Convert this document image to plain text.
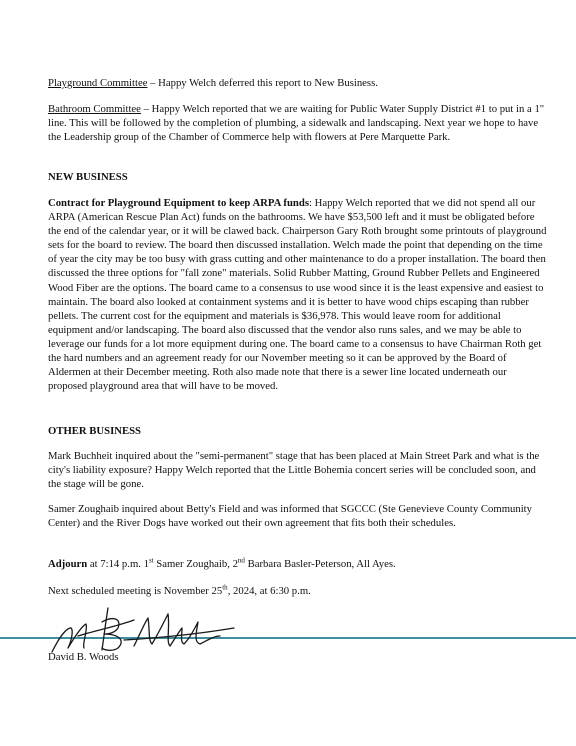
Playground Committee – Happy Welch deferred this report to New Business.

Bathroom Committee – Happy Welch reported that we are waiting for Public Water Supply District #1 to put in a 1" line. This will be followed by the completion of plumbing, a sidewalk and landscaping. Next year we hope to have the Leadership group of the Chamber of Commerce help with flowers at Pere Marquette Park.

NEW BUSINESS

Contract for Playground Equipment to keep ARPA funds: Happy Welch reported that we did not spend all our ARPA (American Rescue Plan Act) funds on the bathrooms. We have $53,500 left and it must be obligated before the end of the calendar year, or it will be clawed back. Chairperson Gary Roth brought some printouts of playground sets for the board to review. The board then discussed installation. Welch made the point that depending on the time of year the city may be too busy with grass cutting and other maintenance to do a proper installation. The board then discussed the three options for "fall zone" materials. Solid Rubber Matting, Ground Rubber Pellets and Engineered Wood Fiber are the options. The board came to a consensus to use wood since it is the least expensive and easiest to maintain. The board also looked at containment systems and it is better to have wood chips escaping than rubber pellets. The current cost for the equipment and materials is $36,978. This would leave room for additional equipment and/or landscaping. The board also discussed that the vendor also runs sales, and we may be able to leverage our funds for a lot more equipment during one. The board came to a consensus to have Chairman Roth get the hard numbers and an agreement ready for our November meeting so it can be approved by the Board of Aldermen at their December meeting. Roth also made note that there is a sewer line located underneath our proposed playground area that will have to be moved.

OTHER BUSINESS

Mark Buchheit inquired about the "semi-permanent" stage that has been placed at Main Street Park and what is the city's liability exposure? Happy Welch reported that the Little Bohemia concert series will be concluded soon, and the stage will be gone.

Samer Zoughaib inquired about Betty's Field and was informed that SGCCC (Ste Genevieve County Community Center) and the River Dogs have worked out their own agreement that fits both their schedules.

Adjourn at 7:14 p.m. 1st Samer Zoughaib, 2nd Barbara Basler-Peterson, All Ayes.

Next scheduled meeting is November 25th, 2024, at 6:30 p.m.

David B. Woods
